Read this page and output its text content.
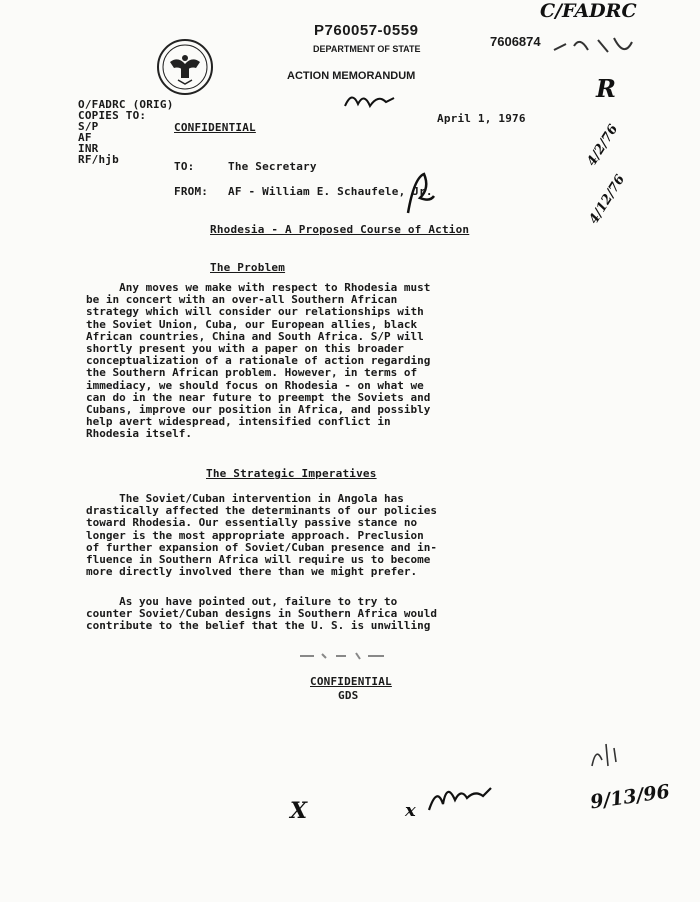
P760057-0559
DEPARTMENT OF STATE
ACTION MEMORANDUM
7606874
April 1, 1976
C/FADRC
R
4/2/76
4/12/76
9/13/96
X	x
O/FADRC (ORIG)
COPIES TO:
S/P
AF
INR
RF/hjb
CONFIDENTIAL
TO:	The Secretary
FROM: AF - William E. Schaufele, Jr.
Rhodesia - A Proposed Course of Action
The Problem
Any moves we make with respect to Rhodesia must
be in concert with an over-all Southern African
strategy which will consider our relationships with
the Soviet Union, Cuba, our European allies, black
African countries, China and South Africa. S/P will
shortly present you with a paper on this broader
conceptualization of a rationale of action regarding
the Southern African problem. However, in terms of
immediacy, we should focus on Rhodesia - on what we
can do in the near future to preempt the Soviets and
Cubans, improve our position in Africa, and possibly
help avert widespread, intensified conflict in
Rhodesia itself.
The Strategic Imperatives
The Soviet/Cuban intervention in Angola has
drastically affected the determinants of our policies
toward Rhodesia. Our essentially passive stance no
longer is the most appropriate approach. Preclusion
of further expansion of Soviet/Cuban presence and in-
fluence in Southern Africa will require us to become
more directly involved there than we might prefer.
As you have pointed out, failure to try to
counter Soviet/Cuban designs in Southern Africa would
contribute to the belief that the U. S. is unwilling
CONFIDENTIAL
GDS
